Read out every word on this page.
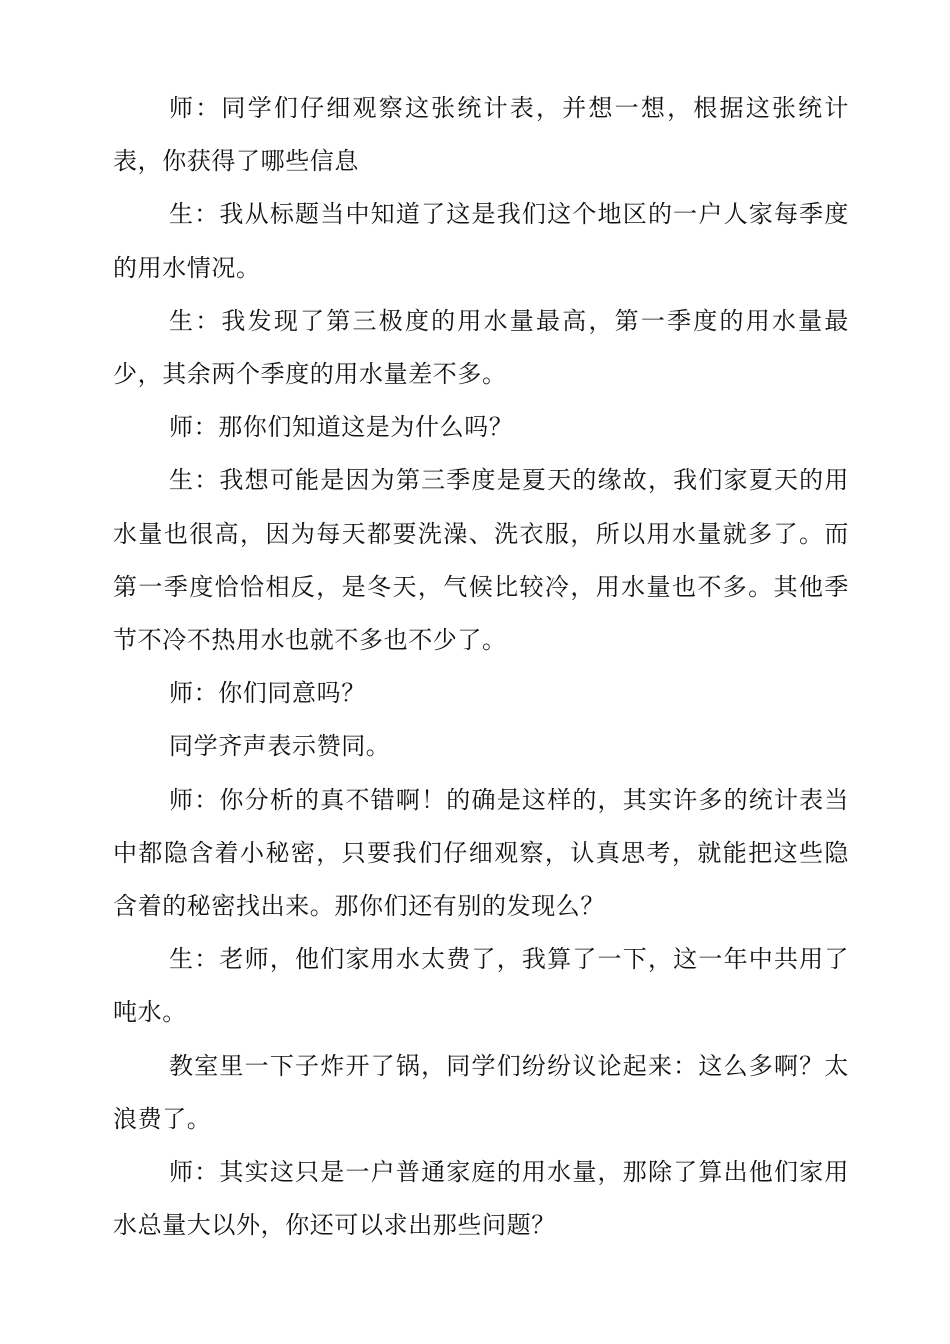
师：同学们仔细观察这张统计表，并想一想，根据这张统计表，你获得了哪些信息

生：我从标题当中知道了这是我们这个地区的一户人家每季度的用水情况。

生：我发现了第三极度的用水量最高，第一季度的用水量最少，其余两个季度的用水量差不多。

师：那你们知道这是为什么吗？

生：我想可能是因为第三季度是夏天的缘故，我们家夏天的用水量也很高，因为每天都要洗澡、洗衣服，所以用水量就多了。而第一季度恰恰相反，是冬天，气候比较冷，用水量也不多。其他季节不冷不热用水也就不多也不少了。

师：你们同意吗？

同学齐声表示赞同。

师：你分析的真不错啊！的确是这样的，其实许多的统计表当中都隐含着小秘密，只要我们仔细观察，认真思考，就能把这些隐含着的秘密找出来。那你们还有别的发现么？

生：老师，他们家用水太费了，我算了一下，这一年中共用了吨水。

教室里一下子炸开了锅，同学们纷纷议论起来：这么多啊？太浪费了。

师：其实这只是一户普通家庭的用水量，那除了算出他们家用水总量大以外，你还可以求出那些问题？
